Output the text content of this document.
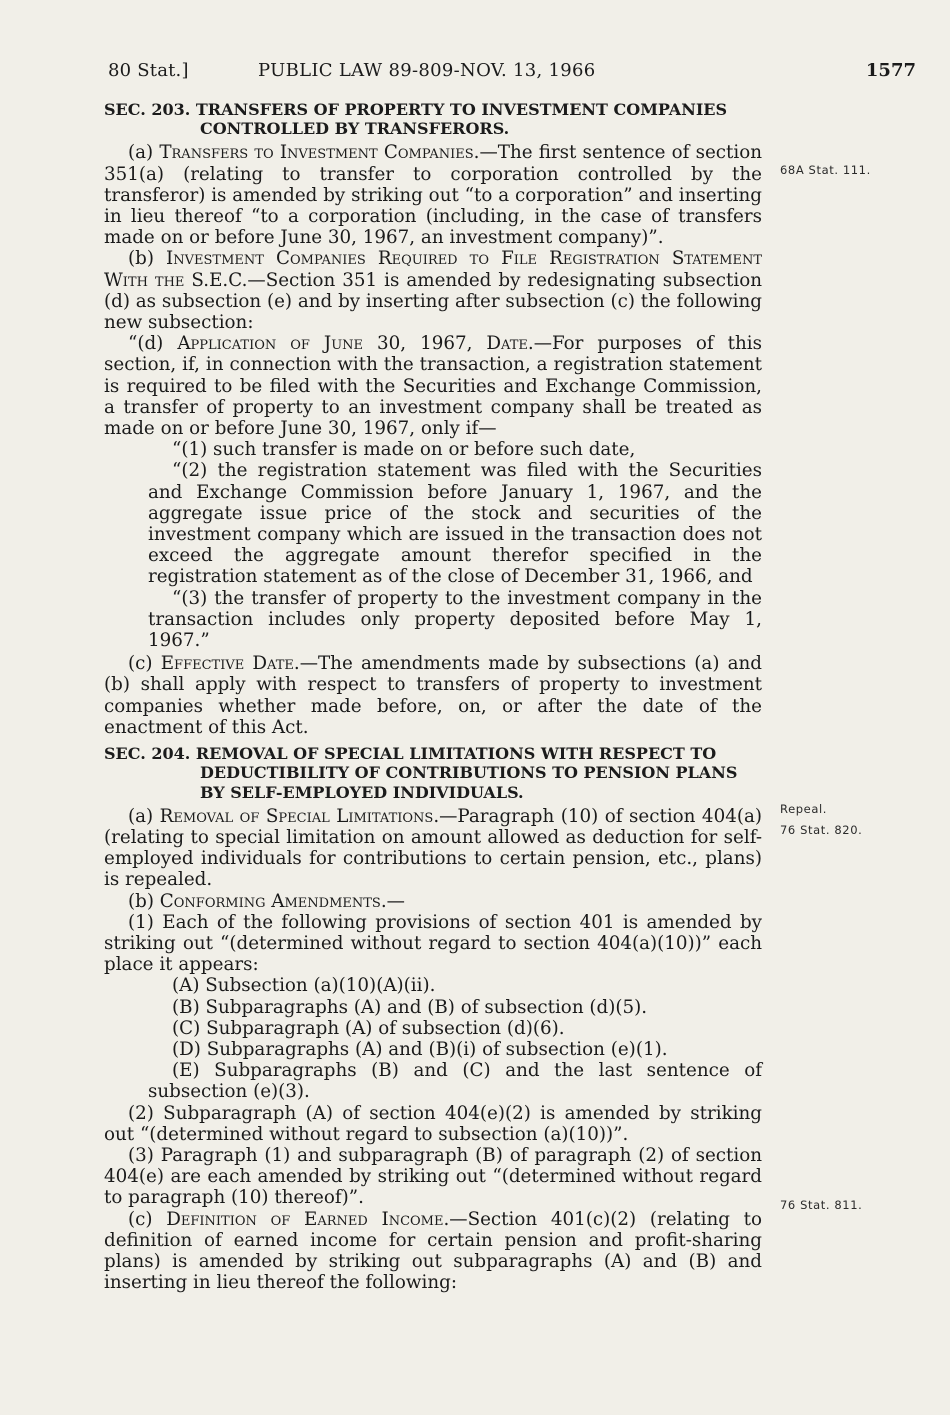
80 Stat.]	PUBLIC LAW 89-809-NOV. 13, 1966	1577
SEC. 203. TRANSFERS OF PROPERTY TO INVESTMENT COMPANIES
CONTROLLED BY TRANSFERORS.

(a) Transfers to Investment Companies.—The first sentence of section 351(a) (relating to transfer to corporation controlled by the transferor) is amended by striking out “to a corporation” and inserting in lieu thereof “to a corporation (including, in the case of transfers made on or before June 30, 1967, an investment company)”.

(b) Investment Companies Required to File Registration Statement With the S.E.C.—Section 351 is amended by redesignating subsection (d) as subsection (e) and by inserting after subsection (c) the following new subsection:

“(d) Application of June 30, 1967, Date.—For purposes of this section, if, in connection with the transaction, a registration statement is required to be filed with the Securities and Exchange Commission, a transfer of property to an investment company shall be treated as made on or before June 30, 1967, only if—

“(1) such transfer is made on or before such date,

“(2) the registration statement was filed with the Securities and Exchange Commission before January 1, 1967, and the aggregate issue price of the stock and securities of the investment company which are issued in the transaction does not exceed the aggregate amount therefor specified in the registration statement as of the close of December 31, 1966, and

“(3) the transfer of property to the investment company in the transaction includes only property deposited before May 1, 1967.”

(c) Effective Date.—The amendments made by subsections (a) and (b) shall apply with respect to transfers of property to investment companies whether made before, on, or after the date of the enactment of this Act.

SEC. 204. REMOVAL OF SPECIAL LIMITATIONS WITH RESPECT TO DEDUCTIBILITY OF CONTRIBUTIONS TO PENSION PLANS BY SELF-EMPLOYED INDIVIDUALS.

(a) Removal of Special Limitations.—Paragraph (10) of section 404(a) (relating to special limitation on amount allowed as deduction for self-employed individuals for contributions to certain pension, etc., plans) is repealed.

(b) Conforming Amendments.—

(1) Each of the following provisions of section 401 is amended by striking out “(determined without regard to section 404(a)(10))” each place it appears:

(A) Subsection (a)(10)(A)(ii).

(B) Subparagraphs (A) and (B) of subsection (d)(5).

(C) Subparagraph (A) of subsection (d)(6).

(D) Subparagraphs (A) and (B)(i) of subsection (e)(1).

(E) Subparagraphs (B) and (C) and the last sentence of subsection (e)(3).

(2) Subparagraph (A) of section 404(e)(2) is amended by striking out “(determined without regard to subsection (a)(10))”.

(3) Paragraph (1) and subparagraph (B) of paragraph (2) of section 404(e) are each amended by striking out “(determined without regard to paragraph (10) thereof)”.

(c) Definition of Earned Income.—Section 401(c)(2) (relating to definition of earned income for certain pension and profit-sharing plans) is amended by striking out subparagraphs (A) and (B) and inserting in lieu thereof the following:

68A Stat. 111.
Repeal.
76 Stat. 820.
76 Stat. 811.
